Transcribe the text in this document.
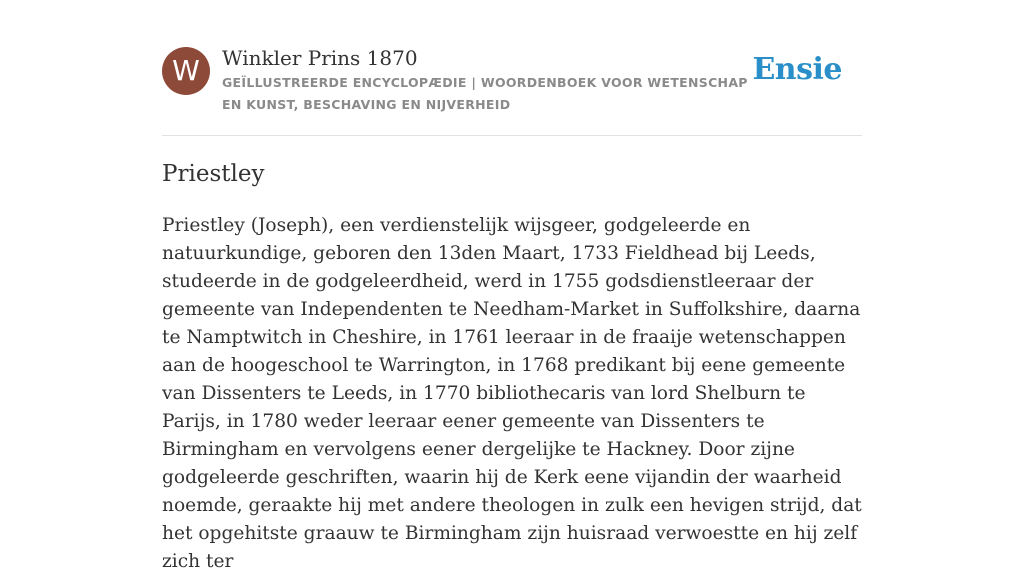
W	Winkler Prins 1870
GEÏLLUSTREERDE ENCYCLOPÆDIE | WOORDENBOEK VOOR WETENSCHAP EN KUNST, BESCHAVING EN NIJVERHEID
Ensie
Priestley

Priestley (Joseph), een verdienstelijk wijsgeer, godgeleerde en natuurkundige, geboren den 13den Maart, 1733 Fieldhead bij Leeds, studeerde in de godgeleerdheid, werd in 1755 godsdienstleeraar der gemeente van Independenten te Needham-Market in Suffolkshire, daarna te Namptwitch in Cheshire, in 1761 leeraar in de fraaije wetenschappen aan de hoogeschool te Warrington, in 1768 predikant bij eene gemeente van Dissenters te Leeds, in 1770 bibliothecaris van lord Shelburn te Parijs, in 1780 weder leeraar eener gemeente van Dissenters te Birmingham en vervolgens eener dergelijke te Hackney. Door zijne godgeleerde geschriften, waarin hij de Kerk eene vijandin der waarheid noemde, geraakte hij met andere theologen in zulk een hevigen strijd, dat het opgehitste graauw te Birmingham zijn huisraad verwoestte en hij zelf zich ter
